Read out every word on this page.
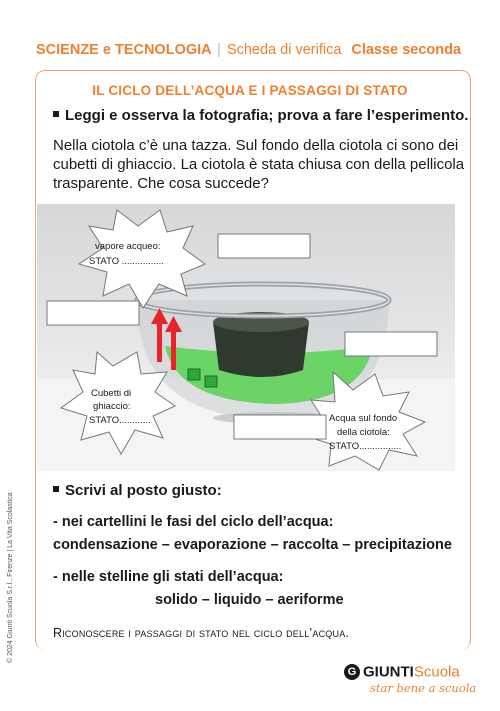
SCIENZE e TECNOLOGIA | Scheda di verifica Classe seconda
IL CICLO DELL’ACQUA E I PASSAGGI DI STATO
Leggi e osserva la fotografia; prova a fare l’esperimento.
Nella ciotola c’è una tazza. Sul fondo della ciotola ci sono dei cubetti di ghiaccio. La ciotola è stata chiusa con della pellicola trasparente. Che cosa succede?
vapore acqueo:
STATO ................
Cubetti di
ghiaccio:
STATO............	Acqua sul fondo
della ciotola:
STATO................
Scrivi al posto giusto:
- nei cartellini le fasi del ciclo dell’acqua:
condensazione – evaporazione – raccolta – precipitazione
- nelle stelline gli stati dell’acqua:
solido – liquido – aeriforme
Riconoscere i passaggi di stato nel ciclo dell’acqua.
© 2024 Giunti Scuola S.r.l., Firenze | La Vita Scolastica
G GIUNTIScuola
star bene a scuola
